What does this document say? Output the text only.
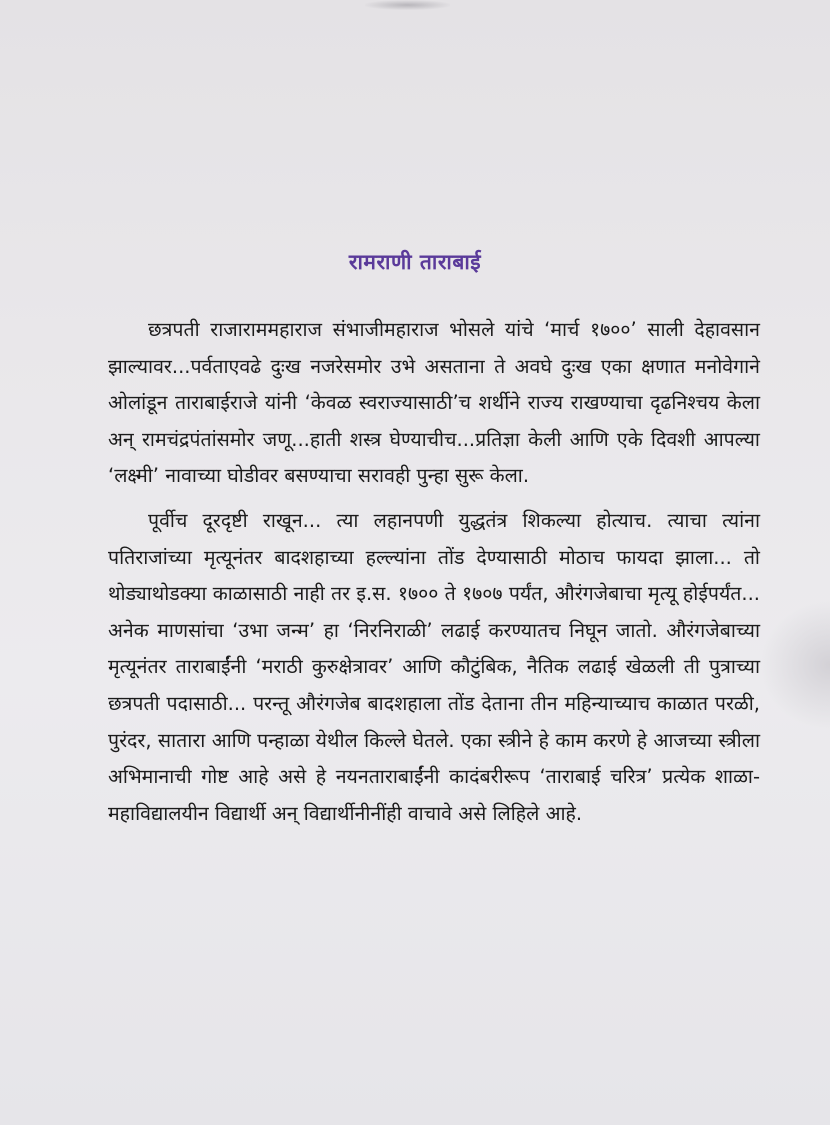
रामराणी ताराबाई

छत्रपती राजाराममहाराज संभाजीमहाराज भोसले यांचे ‘मार्च १७००’ साली देहावसान झाल्यावर...पर्वताएवढे दुःख नजरेसमोर उभे असताना ते अवघे दुःख एका क्षणात मनोवेगाने ओलांडून ताराबाईराजे यांनी ‘केवळ स्वराज्यासाठी’च शर्थीने राज्य राखण्याचा दृढनिश्चय केला अन् रामचंद्रपंतांसमोर जणू...हाती शस्त्र घेण्याचीच...प्रतिज्ञा केली आणि एके दिवशी आपल्या ‘लक्ष्मी’ नावाच्या घोडीवर बसण्याचा सरावही पुन्हा सुरू केला.

पूर्वीच दूरदृष्टी राखून... त्या लहानपणी युद्धतंत्र शिकल्या होत्याच. त्याचा त्यांना पतिराजांच्या मृत्यूनंतर बादशहाच्या हल्ल्यांना तोंड देण्यासाठी मोठाच फायदा झाला... तो थोड्याथोडक्या काळासाठी नाही तर इ.स. १७०० ते १७०७ पर्यंत, औरंगजेबाचा मृत्यू होईपर्यंत... अनेक माणसांचा ‘उभा जन्म’ हा ‘निरनिराळी’ लढाई करण्यातच निघून जातो. औरंगजेबाच्या मृत्यूनंतर ताराबाईंनी ‘मराठी कुरुक्षेत्रावर’ आणि कौटुंबिक, नैतिक लढाई खेळली ती पुत्राच्या छत्रपती पदासाठी... परन्तू औरंगजेब बादशहाला तोंड देताना तीन महिन्याच्याच काळात परळी, पुरंदर, सातारा आणि पन्हाळा येथील किल्ले घेतले. एका स्त्रीने हे काम करणे हे आजच्या स्त्रीला अभिमानाची गोष्ट आहे असे हे नयनताराबाईंनी कादंबरीरूप ‘ताराबाई चरित्र’ प्रत्येक शाळा-महाविद्यालयीन विद्यार्थी अन् विद्यार्थीनीनींही वाचावे असे लिहिले आहे.
